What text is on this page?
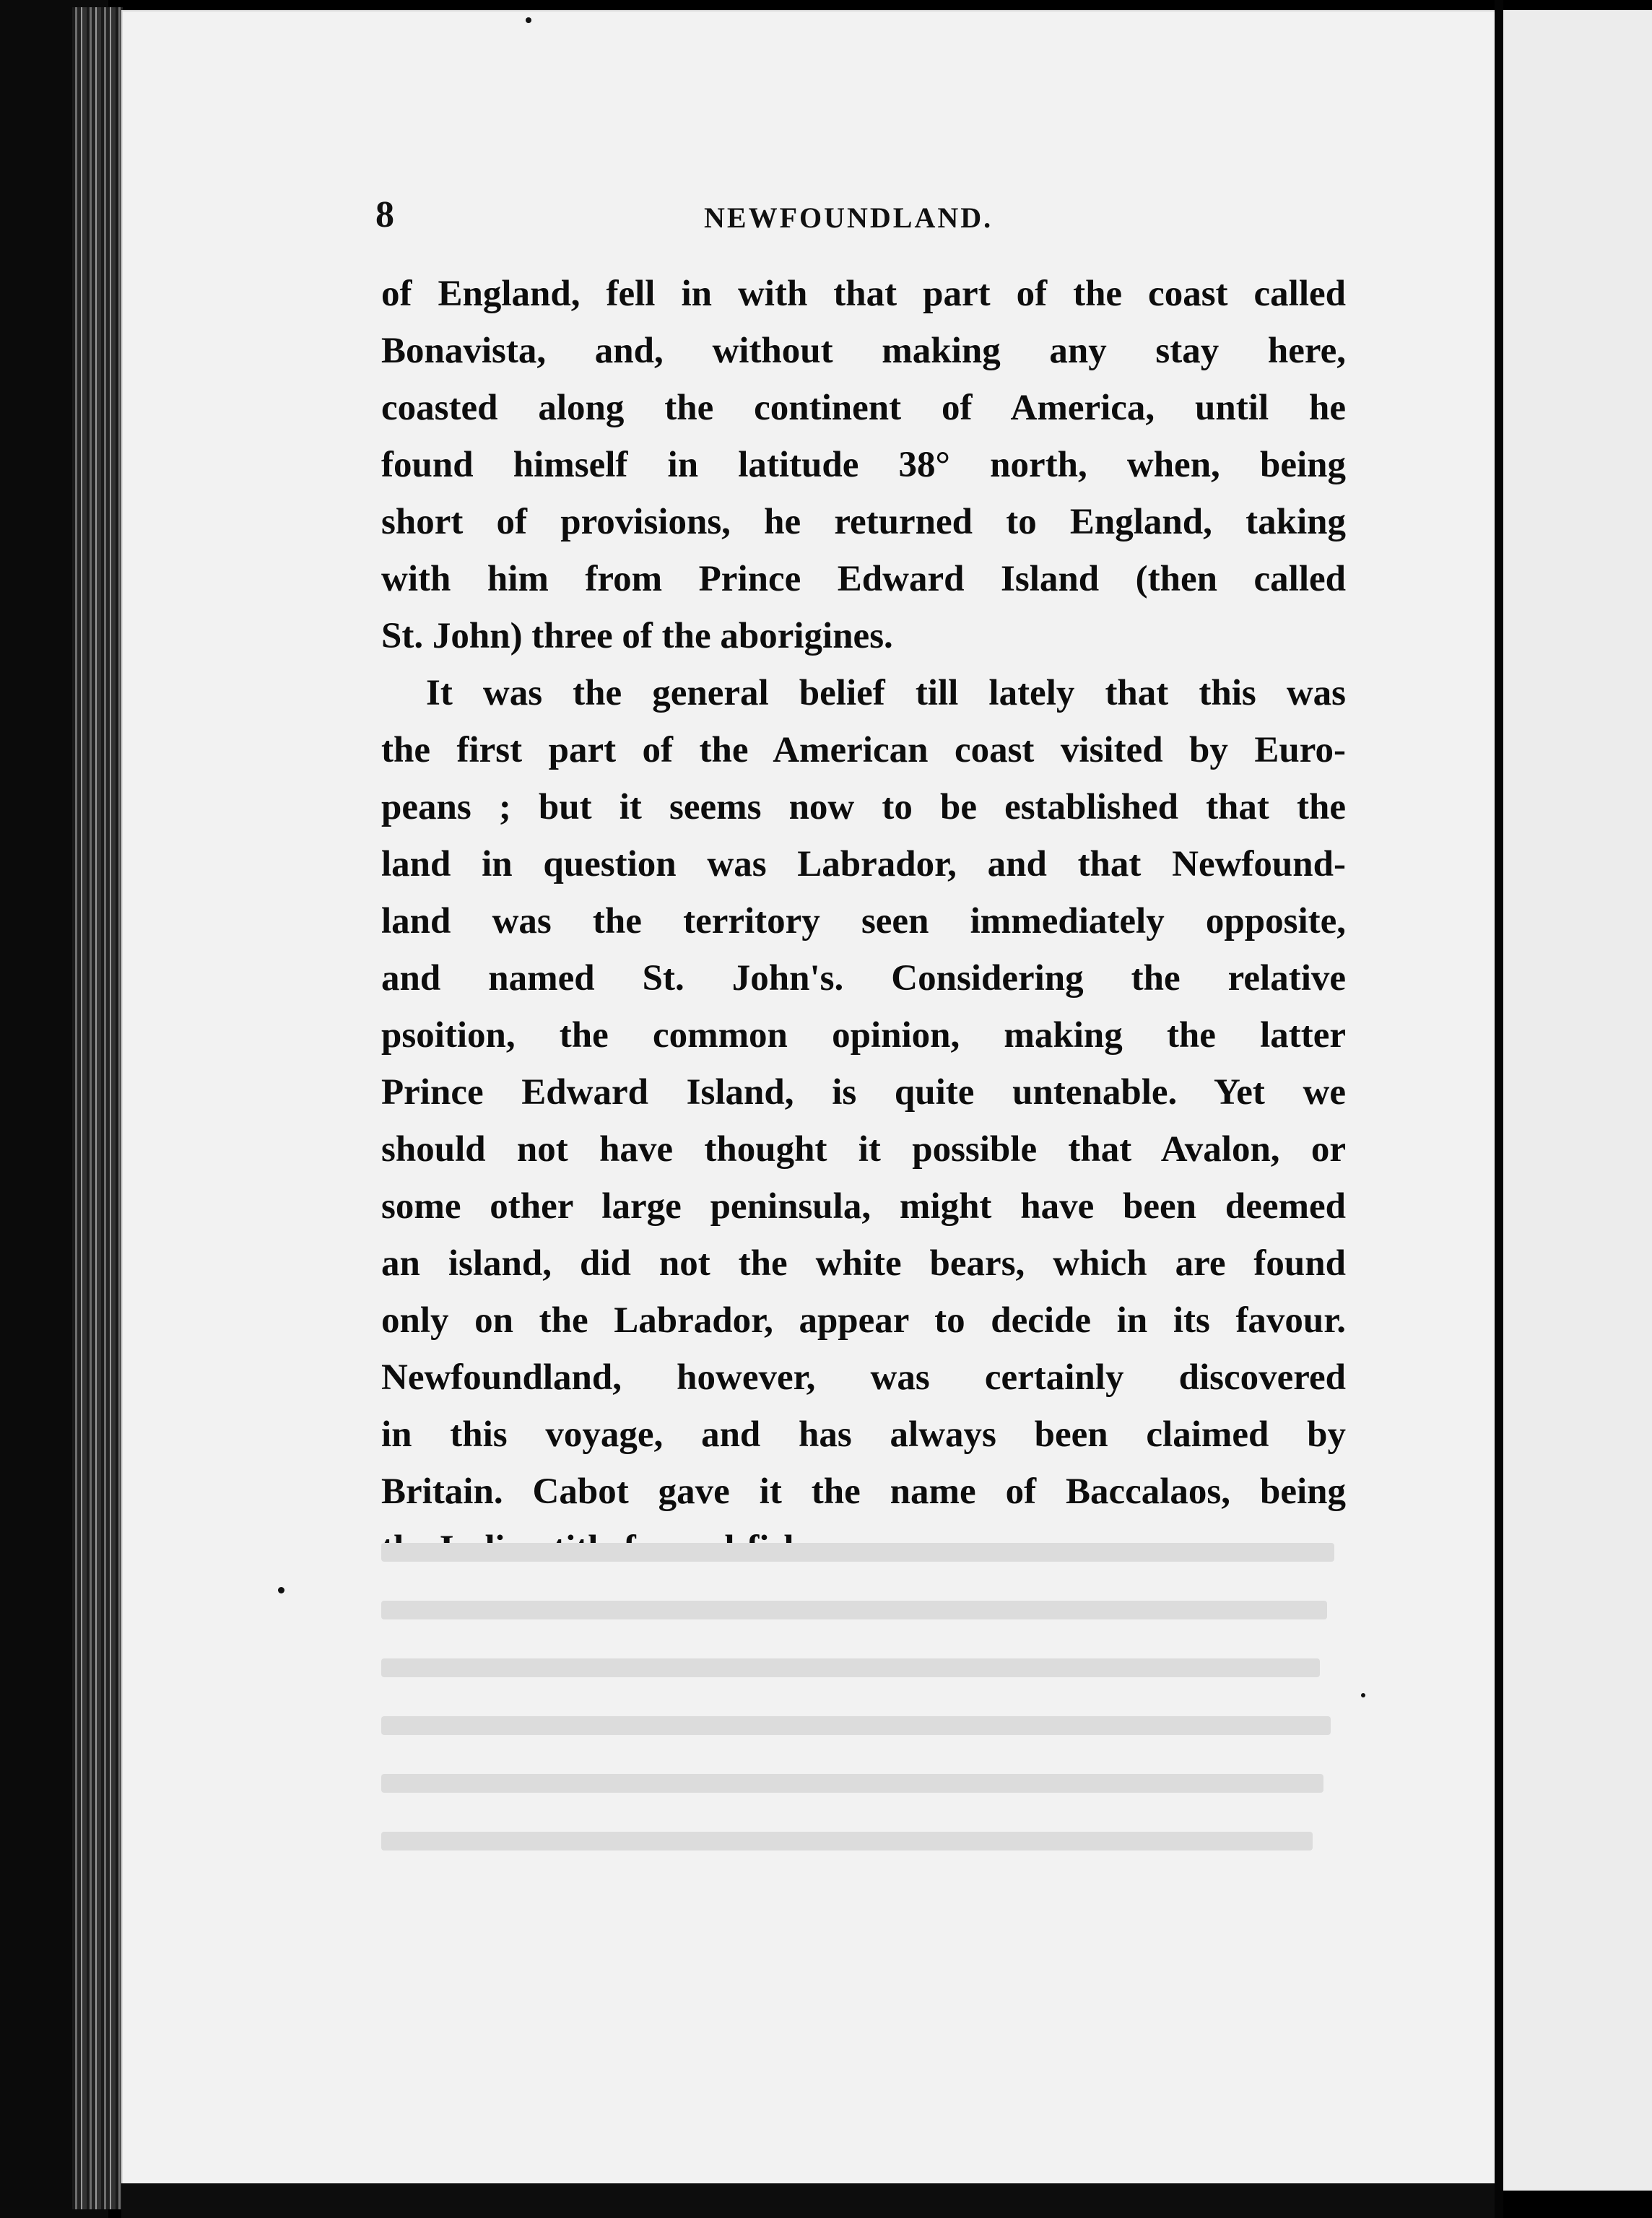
8	NEWFOUNDLAND.
of England, fell in with that part of the coast called
Bonavista, and, without making any stay here,
coasted along the continent of America, until he
found himself in latitude 38° north, when, being
short of provisions, he returned to England, taking
with him from Prince Edward Island (then called
St. John) three of the aborigines.
It was the general belief till lately that this was
the first part of the American coast visited by Euro-
peans ; but it seems now to be established that the
land in question was Labrador, and that Newfound-
land was the territory seen immediately opposite,
and named St. John's. Considering the relative
psoition, the common opinion, making the latter
Prince Edward Island, is quite untenable. Yet we
should not have thought it possible that Avalon, or
some other large peninsula, might have been deemed
an island, did not the white bears, which are found
only on the Labrador, appear to decide in its favour.
Newfoundland, however, was certainly discovered
in this voyage, and has always been claimed by
Britain. Cabot gave it the name of Baccalaos, being
